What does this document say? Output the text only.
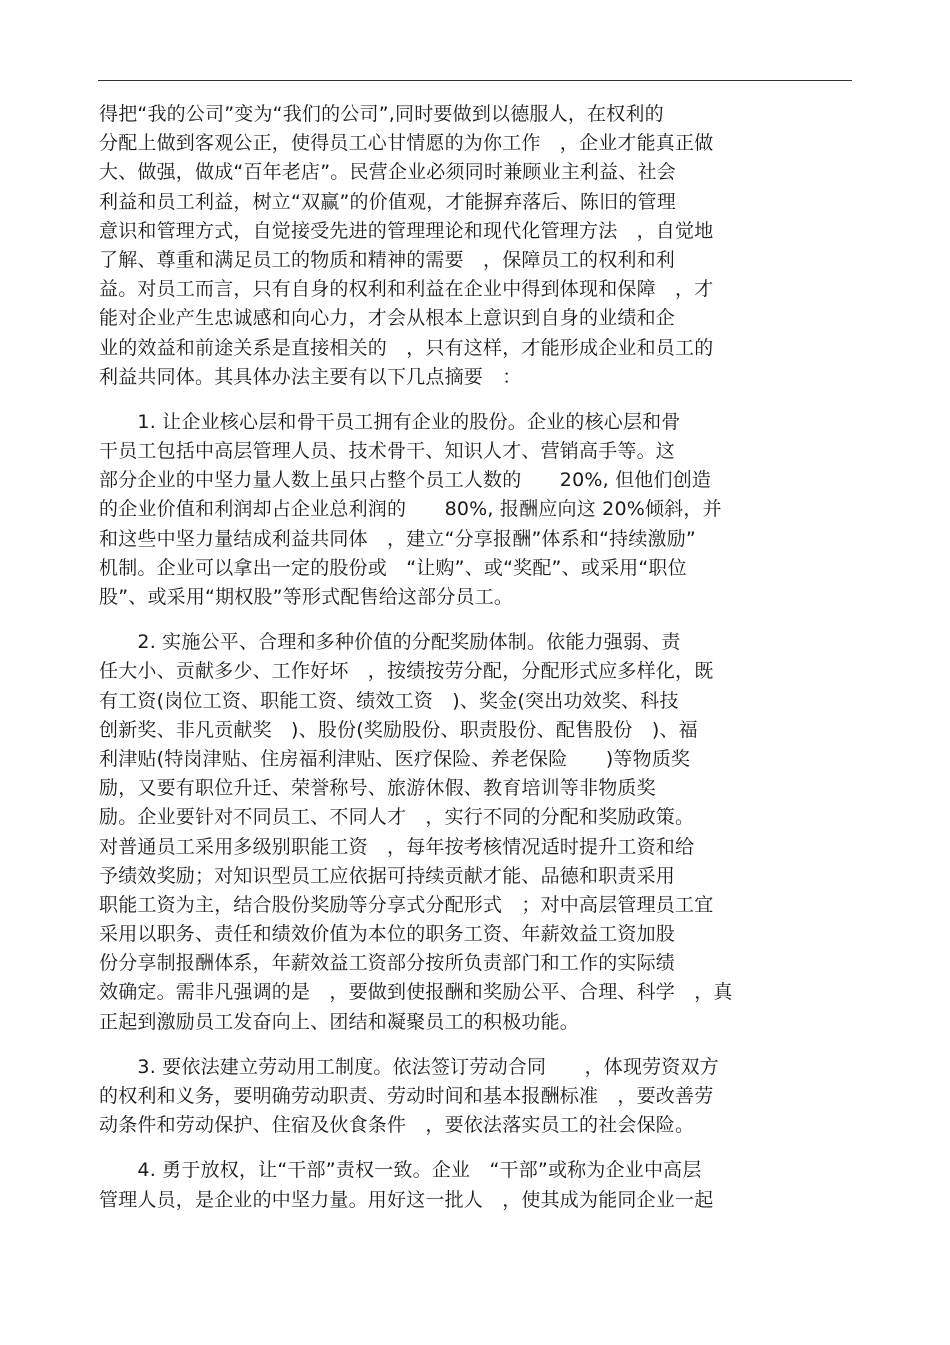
得把“我的公司”变为“我们的公司”,同时要做到以德服人，在权利的
分配上做到客观公正，使得员工心甘情愿的为你工作　，企业才能真正做
大、做强，做成“百年老店”。民营企业必须同时兼顾业主利益、社会
利益和员工利益，树立“双赢”的价值观，才能摒弃落后、陈旧的管理
意识和管理方式，自觉接受先进的管理理论和现代化管理方法　，自觉地
了解、尊重和满足员工的物质和精神的需要　，保障员工的权利和利
益。对员工而言，只有自身的权利和利益在企业中得到体现和保障　，才
能对企业产生忠诚感和向心力，才会从根本上意识到自身的业绩和企
业的效益和前途关系是直接相关的　，只有这样，才能形成企业和员工的
利益共同体。其具体办法主要有以下几点摘要　：
　　1. 让企业核心层和骨干员工拥有企业的股份。企业的核心层和骨
干员工包括中高层管理人员、技术骨干、知识人才、营销高手等。这
部分企业的中坚力量人数上虽只占整个员工人数的　　20%, 但他们创造
的企业价值和利润却占企业总利润的　　80%, 报酬应向这 20%倾斜，并
和这些中坚力量结成利益共同体　，建立“分享报酬”体系和“持续激励”
机制。企业可以拿出一定的股份或　“让购”、或“奖配”、或采用“职位
股”、或采用“期权股”等形式配售给这部分员工。
　　2. 实施公平、合理和多种价值的分配奖励体制。依能力强弱、责
任大小、贡献多少、工作好坏　，按绩按劳分配，分配形式应多样化，既
有工资(岗位工资、职能工资、绩效工资　)、奖金(突出功效奖、科技
创新奖、非凡贡献奖　)、股份(奖励股份、职责股份、配售股份　)、福
利津贴(特岗津贴、住房福利津贴、医疗保险、养老保险　　)等物质奖
励，又要有职位升迁、荣誉称号、旅游休假、教育培训等非物质奖
励。企业要针对不同员工、不同人才　，实行不同的分配和奖励政策。
对普通员工采用多级别职能工资　，每年按考核情况适时提升工资和给
予绩效奖励；对知识型员工应依据可持续贡献才能、品德和职责采用
职能工资为主，结合股份奖励等分享式分配形式　；对中高层管理员工宜
采用以职务、责任和绩效价值为本位的职务工资、年薪效益工资加股
份分享制报酬体系，年薪效益工资部分按所负责部门和工作的实际绩
效确定。需非凡强调的是　，要做到使报酬和奖励公平、合理、科学　，真
正起到激励员工发奋向上、团结和凝聚员工的积极功能。
　　3. 要依法建立劳动用工制度。依法签订劳动合同　　，体现劳资双方
的权利和义务，要明确劳动职责、劳动时间和基本报酬标准　，要改善劳
动条件和劳动保护、住宿及伙食条件　，要依法落实员工的社会保险。
　　4. 勇于放权，让“干部”责权一致。企业　“干部”或称为企业中高层
管理人员，是企业的中坚力量。用好这一批人　，使其成为能同企业一起
